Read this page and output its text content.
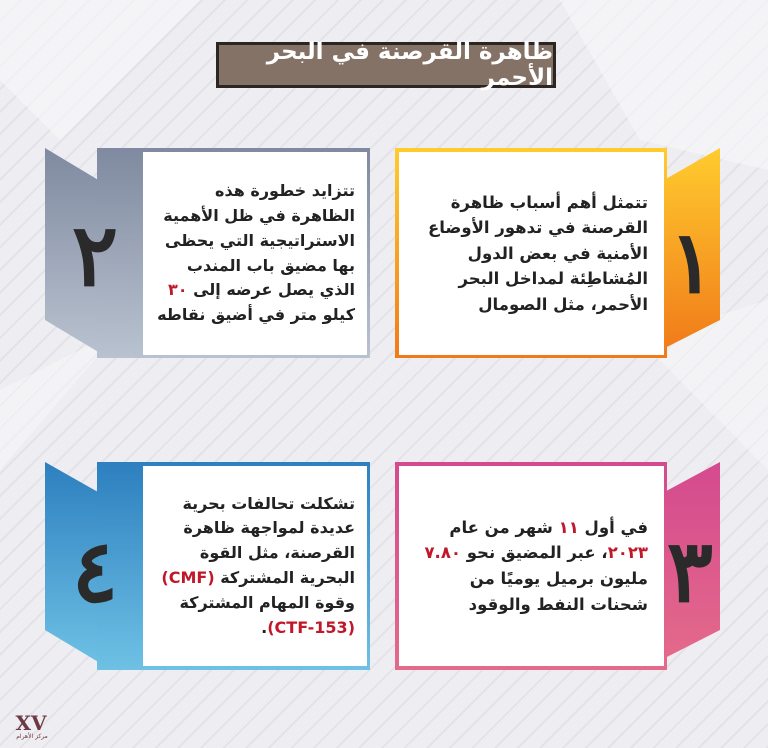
ظاهرة القرصنة في البحر الأحمر

تتمثل أهم أسباب ظاهرة القرصنة في تدهور الأوضاع الأمنية في بعض الدول المُشاطِئة لمداخل البحر الأحمر، مثل الصومال ١

تتزايد خطورة هذه الظاهرة في ظل الأهمية الاستراتيجية التي يحظى بها مضيق باب المندب الذي يصل عرضه إلى ٣٠ كيلو متر في أضيق نقاطه

٢

في أول ١١ شهر من عام ٢٠٢٣، عبر المضيق نحو ٧.٨٠ مليون برميل يوميًا من شحنات النفط والوقود ٣

تشكلت تحالفات بحرية عديدة لمواجهة ظاهرة القرصنة، مثل القوة البحرية المشتركة (CMF) وقوة المهام المشتركة (CTF-153).

٤
XV
مركز الأهرام
